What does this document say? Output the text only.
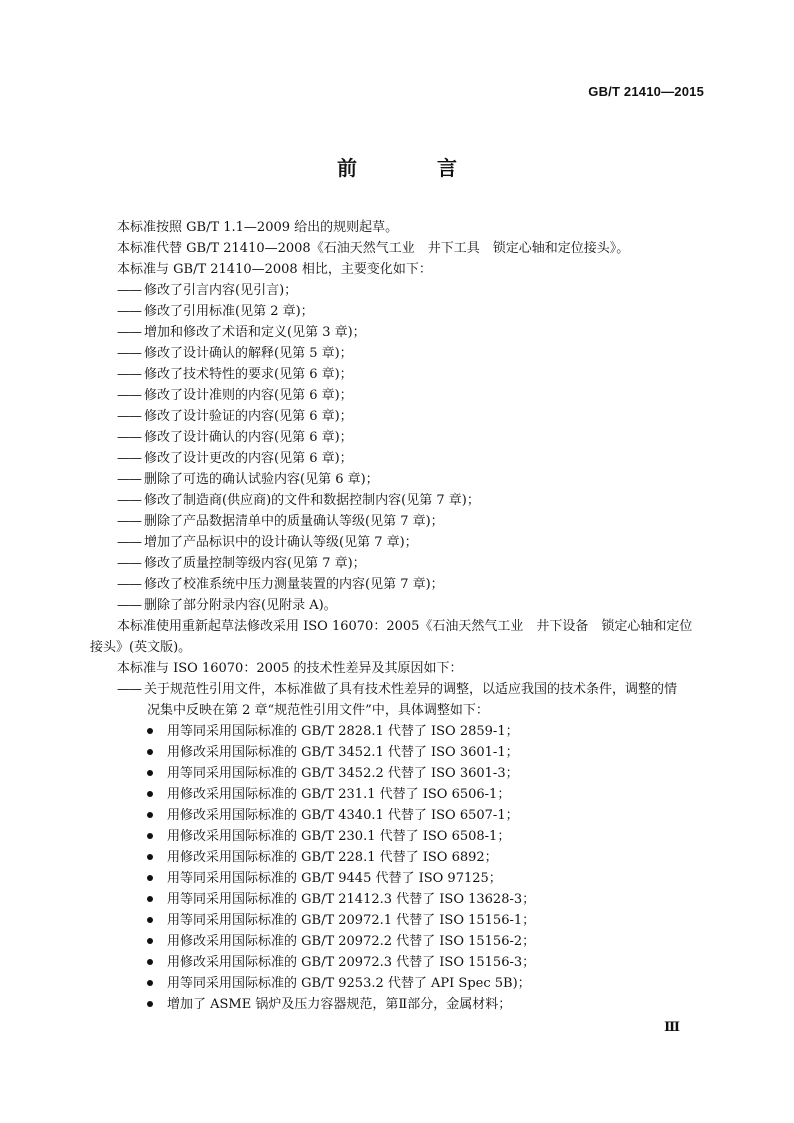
GB/T 21410—2015
前　言
本标准按照 GB/T 1.1—2009 给出的规则起草。
本标准代替 GB/T 21410—2008《石油天然气工业　井下工具　锁定心轴和定位接头》。
本标准与 GB/T 21410—2008 相比，主要变化如下：
—— 修改了引言内容(见引言)；
—— 修改了引用标准(见第 2 章)；
—— 增加和修改了术语和定义(见第 3 章)；
—— 修改了设计确认的解释(见第 5 章)；
—— 修改了技术特性的要求(见第 6 章)；
—— 修改了设计准则的内容(见第 6 章)；
—— 修改了设计验证的内容(见第 6 章)；
—— 修改了设计确认的内容(见第 6 章)；
—— 修改了设计更改的内容(见第 6 章)；
—— 删除了可选的确认试验内容(见第 6 章)；
—— 修改了制造商(供应商)的文件和数据控制内容(见第 7 章)；
—— 删除了产品数据清单中的质量确认等级(见第 7 章)；
—— 增加了产品标识中的设计确认等级(见第 7 章)；
—— 修改了质量控制等级内容(见第 7 章)；
—— 修改了校准系统中压力测量装置的内容(见第 7 章)；
—— 删除了部分附录内容(见附录 A)。
本标准使用重新起草法修改采用 ISO 16070：2005《石油天然气工业　井下设备　锁定心轴和定位
接头》(英文版)。
本标准与 ISO 16070：2005 的技术性差异及其原因如下：
—— 关于规范性引用文件，本标准做了具有技术性差异的调整，以适应我国的技术条件，调整的情
况集中反映在第 2 章“规范性引用文件”中，具体调整如下：
用等同采用国际标准的 GB/T 2828.1 代替了 ISO 2859-1；
用修改采用国际标准的 GB/T 3452.1 代替了 ISO 3601-1；
用等同采用国际标准的 GB/T 3452.2 代替了 ISO 3601-3；
用修改采用国际标准的 GB/T 231.1 代替了 ISO 6506-1；
用修改采用国际标准的 GB/T 4340.1 代替了 ISO 6507-1；
用修改采用国际标准的 GB/T 230.1 代替了 ISO 6508-1；
用修改采用国际标准的 GB/T 228.1 代替了 ISO 6892；
用等同采用国际标准的 GB/T 9445 代替了 ISO 97125；
用等同采用国际标准的 GB/T 21412.3 代替了 ISO 13628-3；
用等同采用国际标准的 GB/T 20972.1 代替了 ISO 15156-1；
用修改采用国际标准的 GB/T 20972.2 代替了 ISO 15156-2；
用修改采用国际标准的 GB/T 20972.3 代替了 ISO 15156-3；
用等同采用国际标准的 GB/T 9253.2 代替了 API Spec 5B)；
增加了 ASME 锅炉及压力容器规范，第Ⅱ部分，金属材料；
Ⅲ
